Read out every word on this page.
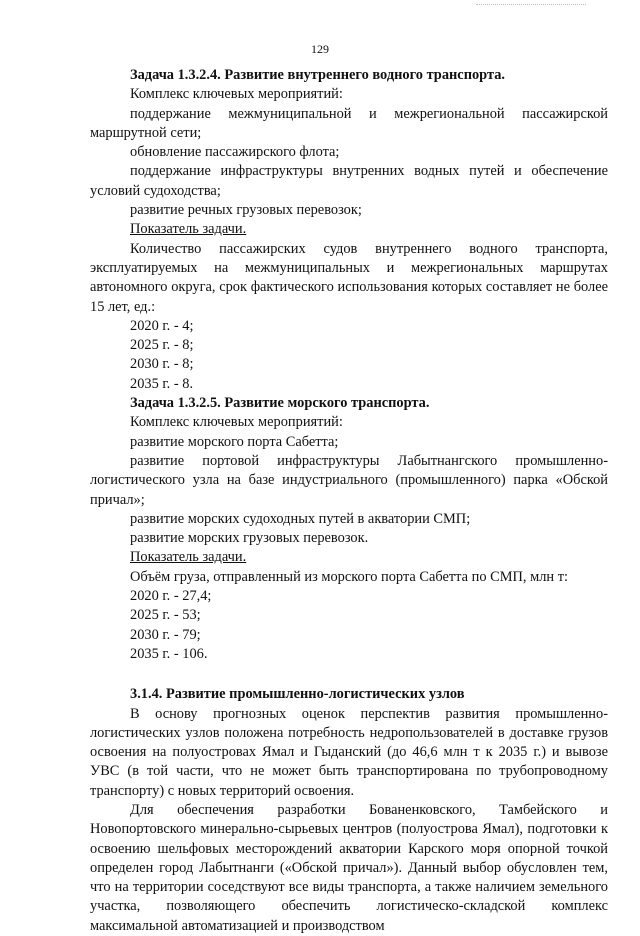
129
Задача 1.3.2.4. Развитие внутреннего водного транспорта.
Комплекс ключевых мероприятий:
поддержание межмуниципальной и межрегиональной пассажирской маршрутной сети;
обновление пассажирского флота;
поддержание инфраструктуры внутренних водных путей и обеспечение условий судоходства;
развитие речных грузовых перевозок;
Показатель задачи.
Количество пассажирских судов внутреннего водного транспорта, эксплуатируемых на межмуниципальных и межрегиональных маршрутах автономного округа, срок фактического использования которых составляет не более 15 лет, ед.:
2020 г. - 4;
2025 г. - 8;
2030 г. - 8;
2035 г. - 8.
Задача 1.3.2.5. Развитие морского транспорта.
Комплекс ключевых мероприятий:
развитие морского порта Сабетта;
развитие портовой инфраструктуры Лабытнангского промышленно-логистического узла на базе индустриального (промышленного) парка «Обской причал»;
развитие морских судоходных путей в акватории СМП;
развитие морских грузовых перевозок.
Показатель задачи.
Объём груза, отправленный из морского порта Сабетта по СМП, млн т:
2020 г. - 27,4;
2025 г. - 53;
2030 г. - 79;
2035 г. - 106.
3.1.4. Развитие промышленно-логистических узлов
В основу прогнозных оценок перспектив развития промышленно-логистических узлов положена потребность недропользователей в доставке грузов освоения на полуостровах Ямал и Гыданский (до 46,6 млн т к 2035 г.) и вывозе УВС (в той части, что не может быть транспортирована по трубопроводному транспорту) с новых территорий освоения.
Для обеспечения разработки Бованенковского, Тамбейского и Новопортовского минерально-сырьевых центров (полуострова Ямал), подготовки к освоению шельфовых месторождений акватории Карского моря опорной точкой определен город Лабытнанги («Обской причал»). Данный выбор обусловлен тем, что на территории соседствуют все виды транспорта, а также наличием земельного участка, позволяющего обеспечить логистическо-складской комплекс максимальной автоматизацией и производством
